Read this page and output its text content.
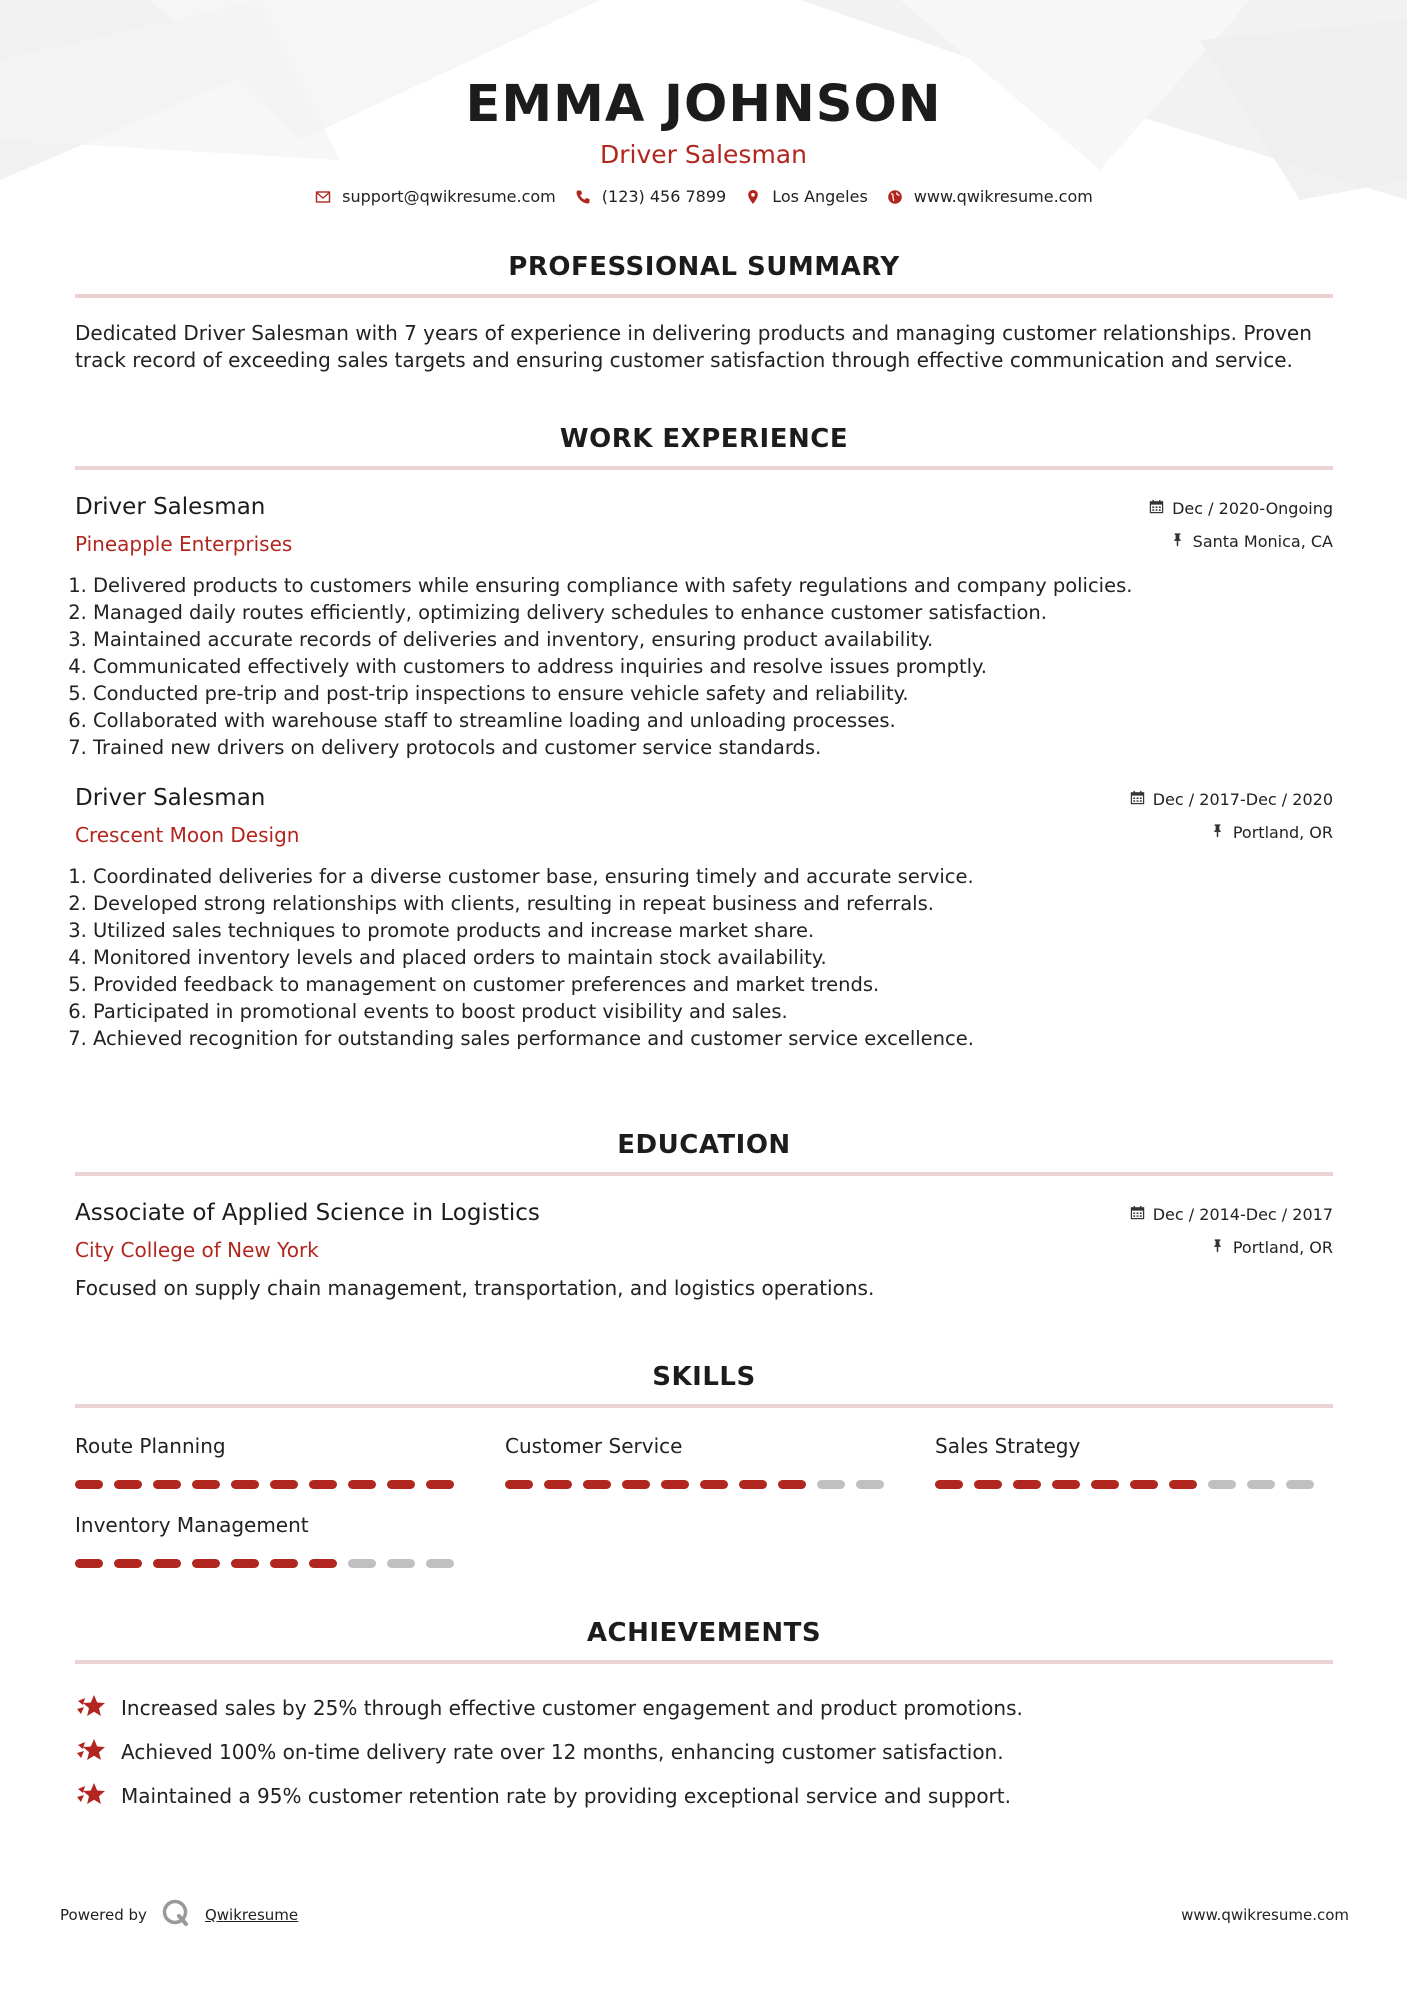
EMMA JOHNSON
Driver Salesman
support@qwikresume.com	(123) 456 7899	Los Angeles	www.qwikresume.com
PROFESSIONAL SUMMARY
Dedicated Driver Salesman with 7 years of experience in delivering products and managing customer relationships. Proven track record of exceeding sales targets and ensuring customer satisfaction through effective communication and service.
WORK EXPERIENCE
Driver Salesman
Pineapple Enterprises
Dec / 2020-Ongoing
Santa Monica, CA
1. Delivered products to customers while ensuring compliance with safety regulations and company policies.
2. Managed daily routes efficiently, optimizing delivery schedules to enhance customer satisfaction.
3. Maintained accurate records of deliveries and inventory, ensuring product availability.
4. Communicated effectively with customers to address inquiries and resolve issues promptly.
5. Conducted pre-trip and post-trip inspections to ensure vehicle safety and reliability.
6. Collaborated with warehouse staff to streamline loading and unloading processes.
7. Trained new drivers on delivery protocols and customer service standards.
Driver Salesman
Crescent Moon Design
Dec / 2017-Dec / 2020
Portland, OR
1. Coordinated deliveries for a diverse customer base, ensuring timely and accurate service.
2. Developed strong relationships with clients, resulting in repeat business and referrals.
3. Utilized sales techniques to promote products and increase market share.
4. Monitored inventory levels and placed orders to maintain stock availability.
5. Provided feedback to management on customer preferences and market trends.
6. Participated in promotional events to boost product visibility and sales.
7. Achieved recognition for outstanding sales performance and customer service excellence.
EDUCATION
Associate of Applied Science in Logistics
City College of New York
Dec / 2014-Dec / 2017
Portland, OR
Focused on supply chain management, transportation, and logistics operations.
SKILLS
Route Planning	Customer Service	Sales Strategy
Inventory Management
ACHIEVEMENTS
Increased sales by 25% through effective customer engagement and product promotions.
Achieved 100% on-time delivery rate over 12 months, enhancing customer satisfaction.
Maintained a 95% customer retention rate by providing exceptional service and support.
Powered by	Qwikresume	www.qwikresume.com
